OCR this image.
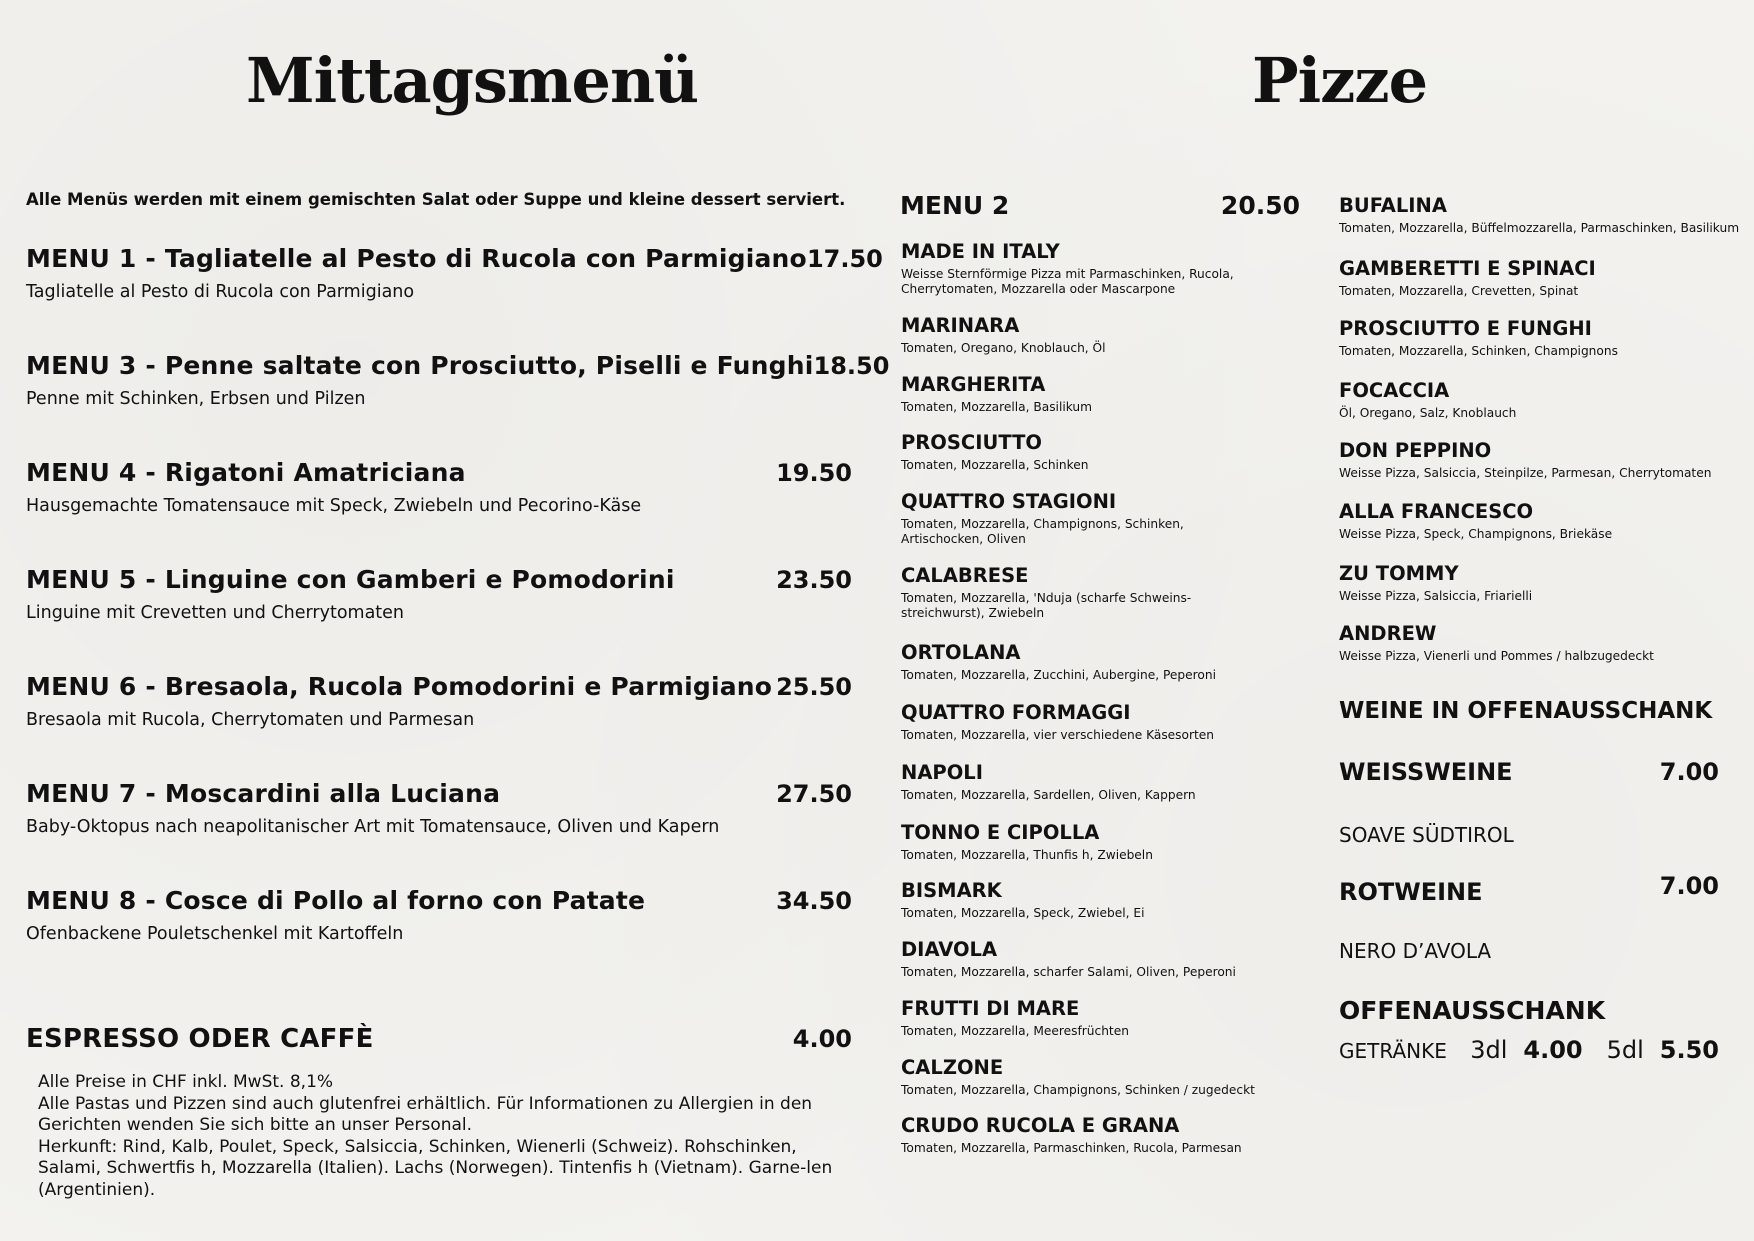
Mittagsmenü
Alle Menüs werden mit einem gemischten Salat oder Suppe und kleine dessert serviert.
MENU 1 - Tagliatelle al Pesto di Rucola con Parmigiano 17.50
Tagliatelle al Pesto di Rucola con Parmigiano
MENU 3 - Penne saltate con Prosciutto, Piselli e Funghi 18.50
Penne mit Schinken, Erbsen und Pilzen
MENU 4 - Rigatoni Amatriciana	19.50
Hausgemachte Tomatensauce mit Speck, Zwiebeln und Pecorino-Käse
MENU 5 - Linguine con Gamberi e Pomodorini	23.50
Linguine mit Crevetten und Cherrytomaten
MENU 6 - Bresaola, Rucola Pomodorini e Parmigiano 25.50
Bresaola mit Rucola, Cherrytomaten und Parmesan
MENU 7 - Moscardini alla Luciana	27.50
Baby-Oktopus nach neapolitanischer Art mit Tomatensauce, Oliven und Kapern
MENU 8 - Cosce di Pollo al forno con Patate	34.50
Ofenbackene Pouletschenkel mit Kartoffeln
ESPRESSO ODER CAFFÈ	4.00
Alle Preise in CHF inkl. MwSt. 8,1%
Alle Pastas und Pizzen sind auch glutenfrei erhältlich. Für Informationen zu Allergien in den Gerichten wenden Sie sich bitte an unser Personal.
Herkunft: Rind, Kalb, Poulet, Speck, Salsiccia, Schinken, Wienerli (Schweiz). Rohschinken, Salami, Schwertfis h, Mozzarella (Italien). Lachs (Norwegen). Tintenfis h (Vietnam). Garne-len (Argentinien).
Pizze
MENU 2	20.50
MADE IN ITALY
Weisse Sternförmige Pizza mit Parmaschinken, Rucola, Cherrytomaten, Mozzarella oder Mascarpone
MARINARA
Tomaten, Oregano, Knoblauch, Öl
MARGHERITA
Tomaten, Mozzarella, Basilikum
PROSCIUTTO
Tomaten, Mozzarella, Schinken
QUATTRO STAGIONI
Tomaten, Mozzarella, Champignons, Schinken, Artischocken, Oliven
CALABRESE
Tomaten, Mozzarella, 'Nduja (scharfe Schweins-streichwurst), Zwiebeln
ORTOLANA
Tomaten, Mozzarella, Zucchini, Aubergine, Peperoni
QUATTRO FORMAGGI
Tomaten, Mozzarella, vier verschiedene Käsesorten
NAPOLI
Tomaten, Mozzarella, Sardellen, Oliven, Kappern
TONNO E CIPOLLA
Tomaten, Mozzarella, Thunfis h, Zwiebeln
BISMARK
Tomaten, Mozzarella, Speck, Zwiebel, Ei
DIAVOLA
Tomaten, Mozzarella, scharfer Salami, Oliven, Peperoni
FRUTTI DI MARE
Tomaten, Mozzarella, Meeresfrüchten
CALZONE
Tomaten, Mozzarella, Champignons, Schinken / zugedeckt
CRUDO RUCOLA E GRANA
Tomaten, Mozzarella, Parmaschinken, Rucola, Parmesan
BUFALINA
Tomaten, Mozzarella, Büffelmozzarella, Parmaschinken, Basilikum
GAMBERETTI E SPINACI
Tomaten, Mozzarella, Crevetten, Spinat
PROSCIUTTO E FUNGHI
Tomaten, Mozzarella, Schinken, Champignons
FOCACCIA
Öl, Oregano, Salz, Knoblauch
DON PEPPINO
Weisse Pizza, Salsiccia, Steinpilze, Parmesan, Cherrytomaten
ALLA FRANCESCO
Weisse Pizza, Speck, Champignons, Briekäse
ZU TOMMY
Weisse Pizza, Salsiccia, Friarielli
ANDREW
Weisse Pizza, Vienerli und Pommes / halbzugedeckt
WEINE IN OFFENAUSSCHANK
WEISSWEINE	7.00
SOAVE SÜDTIROL
ROTWEINE	7.00
NERO D’AVOLA
OFFENAUSSCHANK
GETRÄNKE 3dl 4.00 5dl 5.50
